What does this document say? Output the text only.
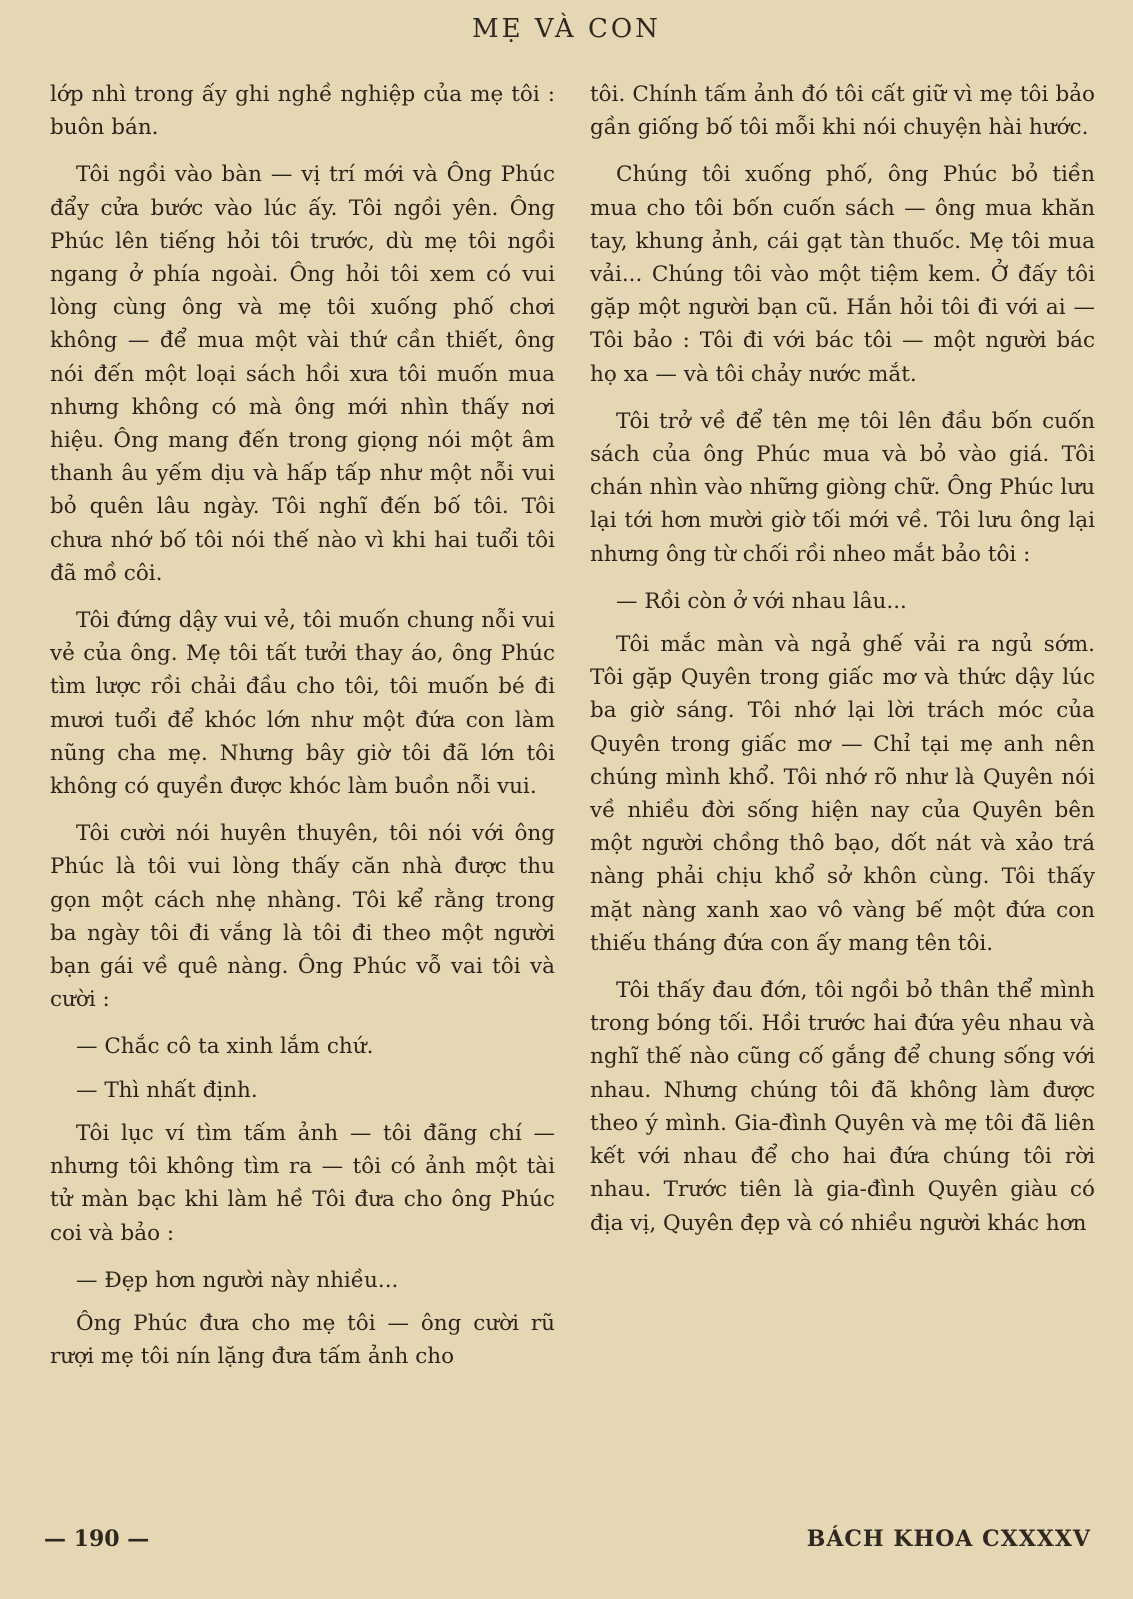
MẸ VÀ CON

lớp nhì trong ấy ghi nghề nghiệp của mẹ tôi : buôn bán.

Tôi ngồi vào bàn — vị trí mới và Ông Phúc đẩy cửa bước vào lúc ấy. Tôi ngồi yên. Ông Phúc lên tiếng hỏi tôi trước, dù mẹ tôi ngồi ngang ở phía ngoài. Ông hỏi tôi xem có vui lòng cùng ông và mẹ tôi xuống phố chơi không — để mua một vài thứ cần thiết, ông nói đến một loại sách hồi xưa tôi muốn mua nhưng không có mà ông mới nhìn thấy nơi hiệu. Ông mang đến trong giọng nói một âm thanh âu yếm dịu và hấp tấp như một nỗi vui bỏ quên lâu ngày. Tôi nghĩ đến bố tôi. Tôi chưa nhớ bố tôi nói thế nào vì khi hai tuổi tôi đã mồ côi.

Tôi đứng dậy vui vẻ, tôi muốn chung nỗi vui vẻ của ông. Mẹ tôi tất tưởi thay áo, ông Phúc tìm lược rồi chải đầu cho tôi, tôi muốn bé đi mươi tuổi để khóc lớn như một đứa con làm nũng cha mẹ. Nhưng bây giờ tôi đã lớn tôi không có quyền được khóc làm buồn nỗi vui.

Tôi cười nói huyên thuyên, tôi nói với ông Phúc là tôi vui lòng thấy căn nhà được thu gọn một cách nhẹ nhàng. Tôi kể rằng trong ba ngày tôi đi vắng là tôi đi theo một người bạn gái về quê nàng. Ông Phúc vỗ vai tôi và cười :

— Chắc cô ta xinh lắm chứ.

— Thì nhất định.

Tôi lục ví tìm tấm ảnh — tôi đãng chí — nhưng tôi không tìm ra — tôi có ảnh một tài tử màn bạc khi làm hề Tôi đưa cho ông Phúc coi và bảo :

— Đẹp hơn người này nhiều...

Ông Phúc đưa cho mẹ tôi — ông cười rũ rượi mẹ tôi nín lặng đưa tấm ảnh cho

tôi. Chính tấm ảnh đó tôi cất giữ vì mẹ tôi bảo gần giống bố tôi mỗi khi nói chuyện hài hước.

Chúng tôi xuống phố, ông Phúc bỏ tiền mua cho tôi bốn cuốn sách — ông mua khăn tay, khung ảnh, cái gạt tàn thuốc. Mẹ tôi mua vải... Chúng tôi vào một tiệm kem. Ở đấy tôi gặp một người bạn cũ. Hắn hỏi tôi đi với ai — Tôi bảo : Tôi đi với bác tôi — một người bác họ xa — và tôi chảy nước mắt.

Tôi trở về để tên mẹ tôi lên đầu bốn cuốn sách của ông Phúc mua và bỏ vào giá. Tôi chán nhìn vào những giòng chữ. Ông Phúc lưu lại tới hơn mười giờ tối mới về. Tôi lưu ông lại nhưng ông từ chối rồi nheo mắt bảo tôi :

— Rồi còn ở với nhau lâu...

Tôi mắc màn và ngả ghế vải ra ngủ sớm. Tôi gặp Quyên trong giấc mơ và thức dậy lúc ba giờ sáng. Tôi nhớ lại lời trách móc của Quyên trong giấc mơ — Chỉ tại mẹ anh nên chúng mình khổ. Tôi nhớ rõ như là Quyên nói về nhiều đời sống hiện nay của Quyên bên một người chồng thô bạo, dốt nát và xảo trá nàng phải chịu khổ sở khôn cùng. Tôi thấy mặt nàng xanh xao vô vàng bế một đứa con thiếu tháng đứa con ấy mang tên tôi.

Tôi thấy đau đớn, tôi ngồi bỏ thân thể mình trong bóng tối. Hồi trước hai đứa yêu nhau và nghĩ thế nào cũng cố gắng để chung sống với nhau. Nhưng chúng tôi đã không làm được theo ý mình. Gia-đình Quyên và mẹ tôi đã liên kết với nhau để cho hai đứa chúng tôi rời nhau. Trước tiên là gia-đình Quyên giàu có địa vị, Quyên đẹp và có nhiều người khác hơn

— 190 —	BÁCH KHOA CXXXXV
